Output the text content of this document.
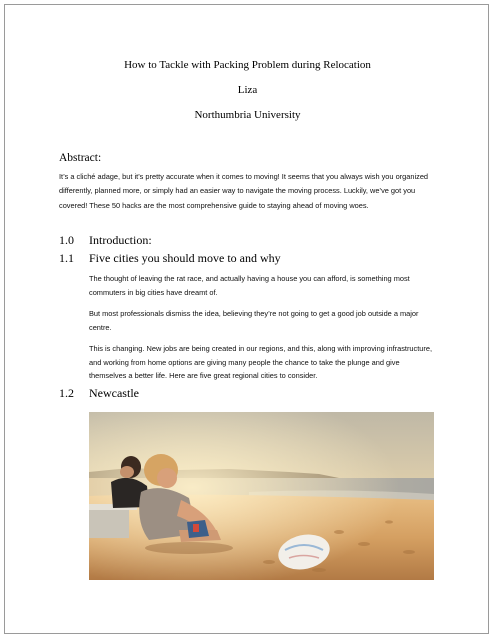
How to Tackle with Packing Problem during Relocation
Liza
Northumbria University
Abstract:
It’s a cliché adage, but it’s pretty accurate when it comes to moving! It seems that you always wish you organized differently, planned more, or simply had an easier way to navigate the moving process. Luckily, we’ve got you covered! These 50 hacks are the most comprehensive guide to staying ahead of moving woes.
1.0 Introduction:
1.1 Five cities you should move to and why
The thought of leaving the rat race, and actually having a house you can afford, is something most commuters in big cities have dreamt of.
But most professionals dismiss the idea, believing they’re not going to get a good job outside a major centre.
This is changing. New jobs are being created in our regions, and this, along with improving infrastructure, and working from home options are giving many people the chance to take the plunge and give themselves a better life. Here are five great regional cities to consider.
1.2 Newcastle
